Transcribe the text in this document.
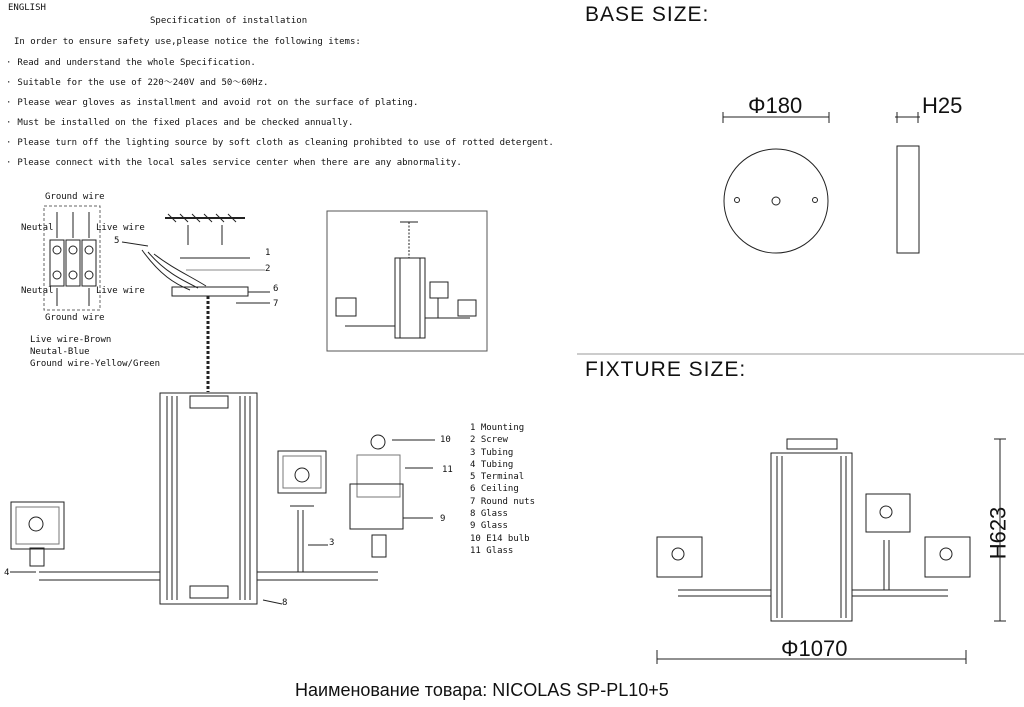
ENGLISH
Specification of installation
In order to ensure safety use,please notice the following items:
· Read and understand the whole Specification.
· Suitable for the use of 220～240V and 50～60Hz.
· Please wear gloves as installment and avoid rot on the surface of plating.
· Must be installed on the fixed places and be checked annually.
· Please turn off the lighting source by soft cloth as cleaning prohibted to use of rotted detergent.
· Please connect with the local sales service center when there are any abnormality.
BASE SIZE:
Φ180	H25
FIXTURE SIZE:
Φ1070
H623
Ground wire
Neutal	Live wire
Neutal	Live wire
Ground wire
Live wire-Brown
Neutal-Blue
Ground wire-Yellow/Green
1
2
3
4
5
6
7
8
9
10
11
1 Mounting
2 Screw
3 Tubing
4 Tubing
5 Terminal
6 Ceiling
7 Round nuts
8 Glass
9 Glass
10 E14 bulb
11 Glass
Наименование товара: NICOLAS SP-PL10+5
